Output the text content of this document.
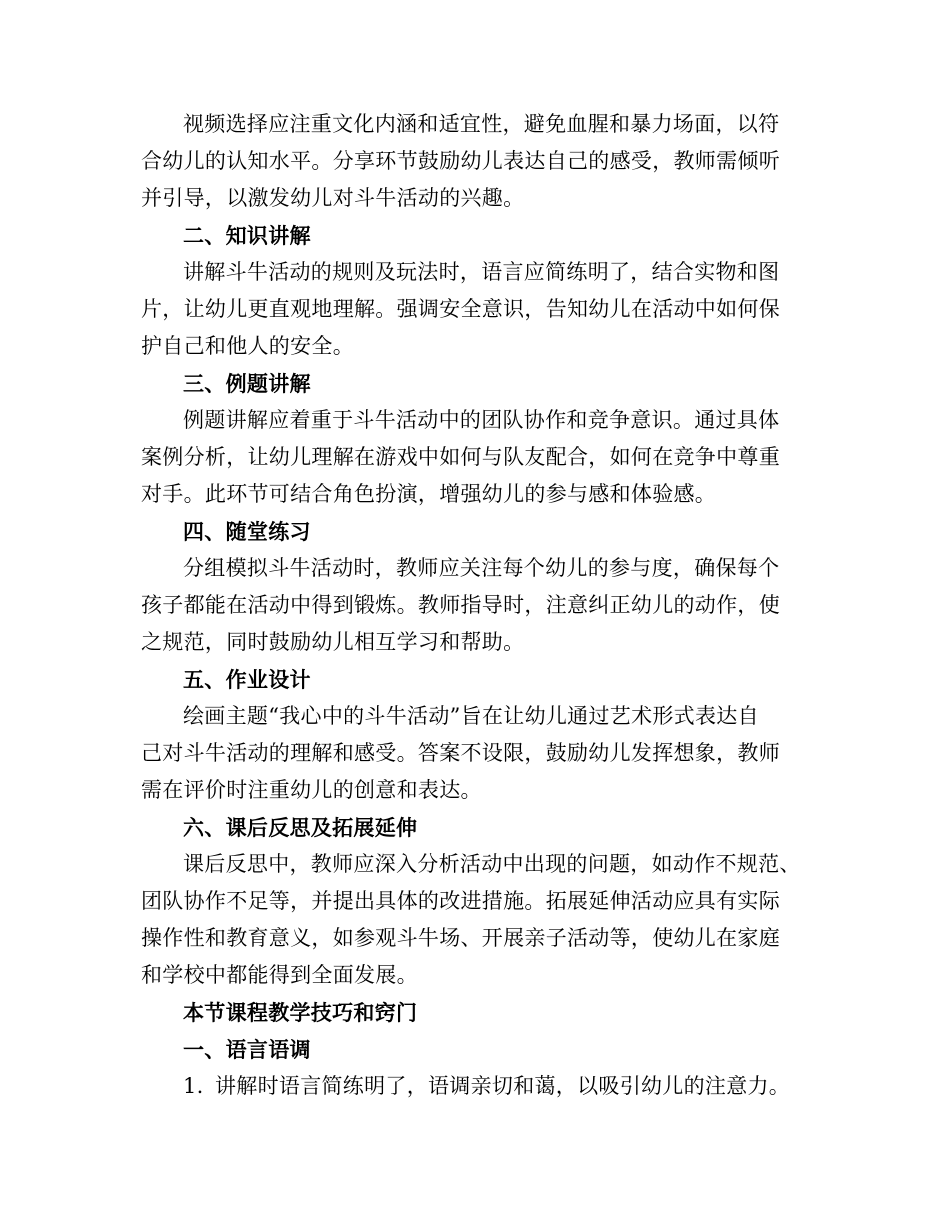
视频选择应注重文化内涵和适宜性，避免血腥和暴力场面，以符
合幼儿的认知水平。分享环节鼓励幼儿表达自己的感受，教师需倾听
并引导，以激发幼儿对斗牛活动的兴趣。
二、知识讲解
讲解斗牛活动的规则及玩法时，语言应简练明了，结合实物和图
片，让幼儿更直观地理解。强调安全意识，告知幼儿在活动中如何保
护自己和他人的安全。
三、例题讲解
例题讲解应着重于斗牛活动中的团队协作和竞争意识。通过具体
案例分析，让幼儿理解在游戏中如何与队友配合，如何在竞争中尊重
对手。此环节可结合角色扮演，增强幼儿的参与感和体验感。
四、随堂练习
分组模拟斗牛活动时，教师应关注每个幼儿的参与度，确保每个
孩子都能在活动中得到锻炼。教师指导时，注意纠正幼儿的动作，使
之规范，同时鼓励幼儿相互学习和帮助。
五、作业设计
绘画主题“我心中的斗牛活动”旨在让幼儿通过艺术形式表达自
己对斗牛活动的理解和感受。答案不设限，鼓励幼儿发挥想象，教师
需在评价时注重幼儿的创意和表达。
六、课后反思及拓展延伸
课后反思中，教师应深入分析活动中出现的问题，如动作不规范、
团队协作不足等，并提出具体的改进措施。拓展延伸活动应具有实际
操作性和教育意义，如参观斗牛场、开展亲子活动等，使幼儿在家庭
和学校中都能得到全面发展。
本节课程教学技巧和窍门
一、语言语调
1. 讲解时语言简练明了，语调亲切和蔼，以吸引幼儿的注意力。
